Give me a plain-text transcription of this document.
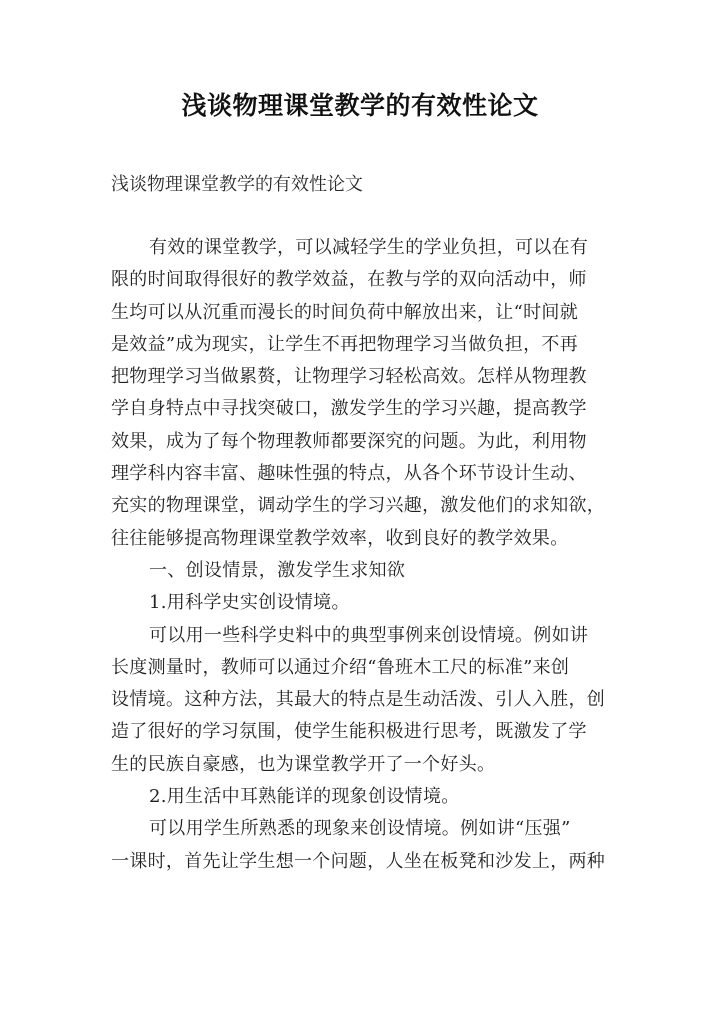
浅谈物理课堂教学的有效性论文
浅谈物理课堂教学的有效性论文
有效的课堂教学，可以减轻学生的学业负担，可以在有
限的时间取得很好的教学效益，在教与学的双向活动中，师
生均可以从沉重而漫长的时间负荷中解放出来，让“时间就
是效益”成为现实，让学生不再把物理学习当做负担，不再
把物理学习当做累赘，让物理学习轻松高效。怎样从物理教
学自身特点中寻找突破口，激发学生的学习兴趣，提高教学
效果，成为了每个物理教师都要深究的问题。为此，利用物
理学科内容丰富、趣味性强的特点，从各个环节设计生动、
充实的物理课堂，调动学生的学习兴趣，激发他们的求知欲，
往往能够提高物理课堂教学效率，收到良好的教学效果。
一、创设情景，激发学生求知欲
1.用科学史实创设情境。
可以用一些科学史料中的典型事例来创设情境。例如讲
长度测量时，教师可以通过介绍“鲁班木工尺的标准”来创
设情境。这种方法，其最大的特点是生动活泼、引人入胜，创
造了很好的学习氛围，使学生能积极进行思考，既激发了学
生的民族自豪感，也为课堂教学开了一个好头。
2.用生活中耳熟能详的现象创设情境。
可以用学生所熟悉的现象来创设情境。例如讲“压强”
一课时，首先让学生想一个问题，人坐在板凳和沙发上，两种
